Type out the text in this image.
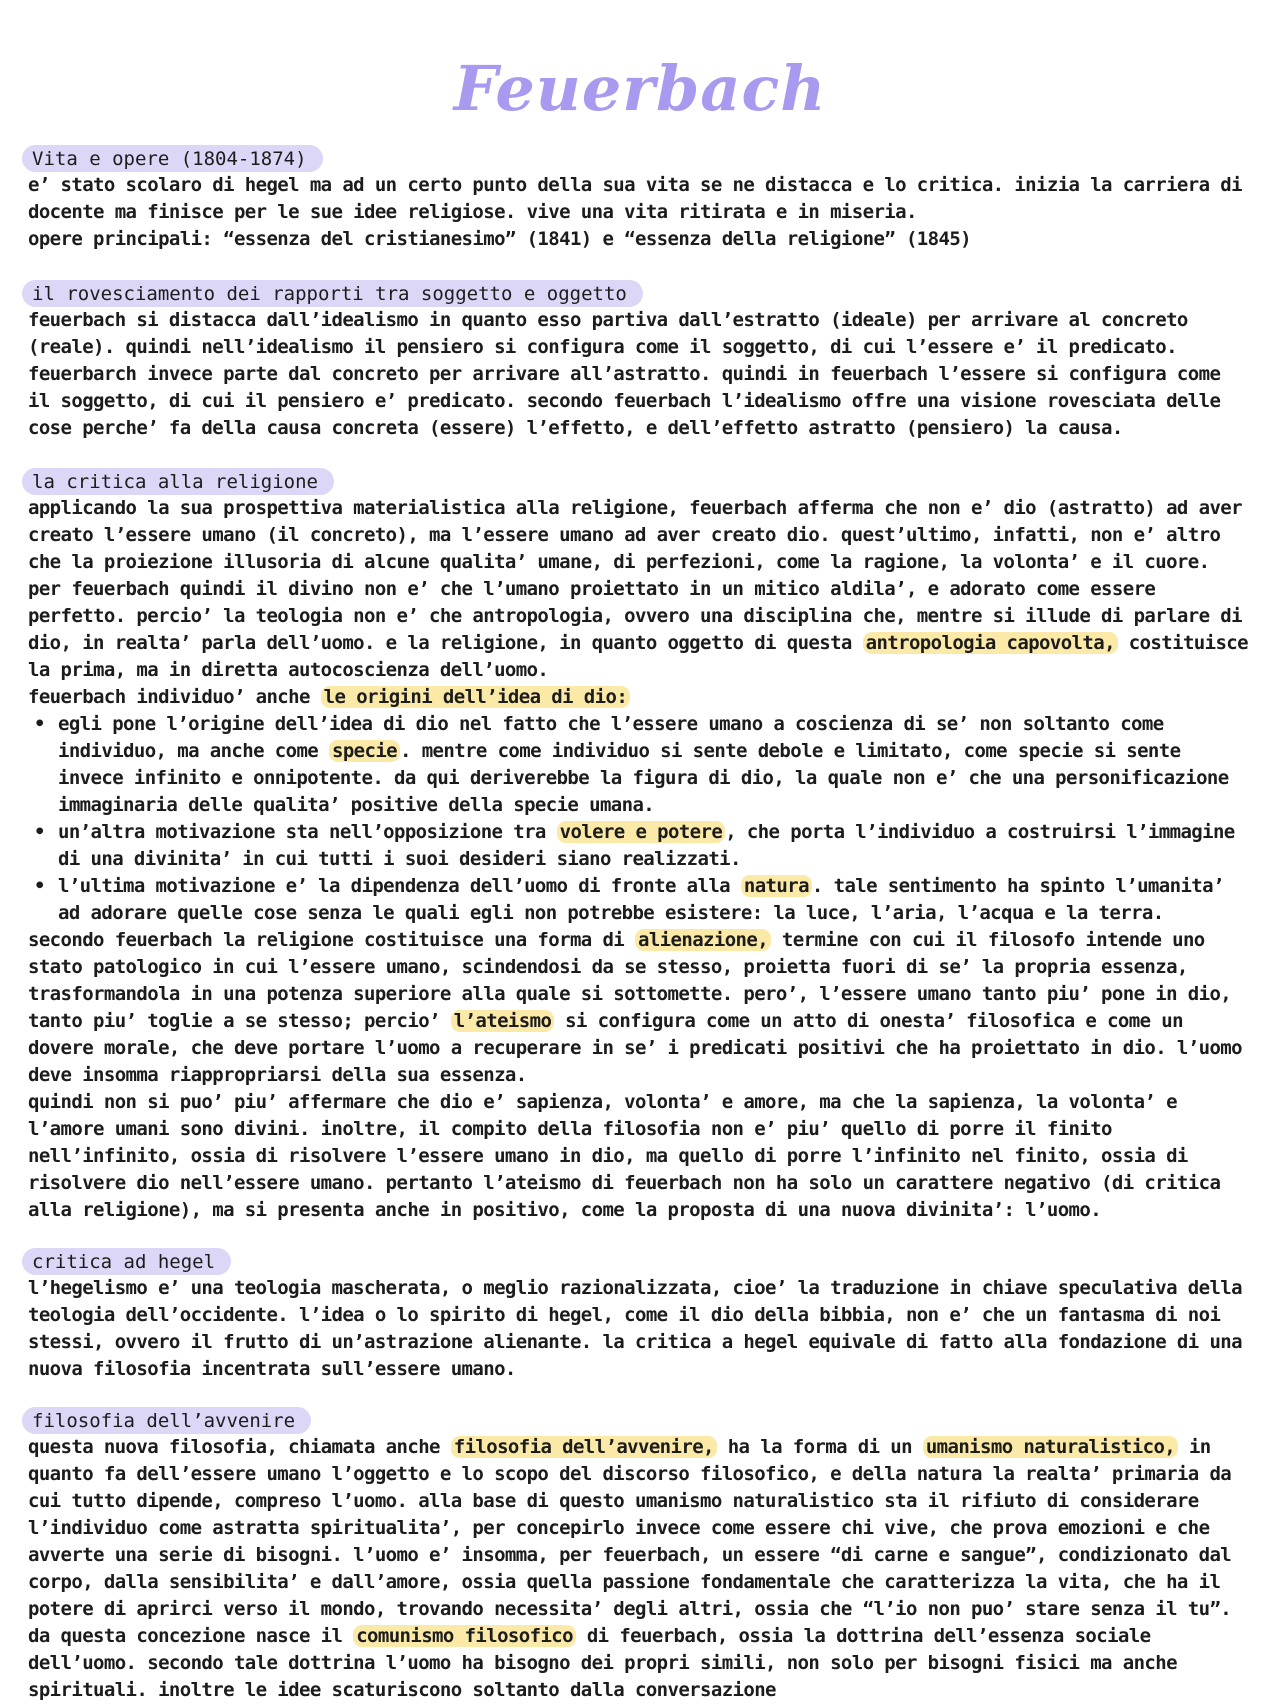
Feuerbach
Vita e opere (1804-1874)

e’ stato scolaro di hegel ma ad un certo punto della sua vita se ne distacca e lo critica. inizia la carriera di docente ma finisce per le sue idee religiose. vive una vita ritirata e in miseria.

opere principali: “essenza del cristianesimo” (1841) e “essenza della religione” (1845)

il rovesciamento dei rapporti tra soggetto e oggetto

feuerbach si distacca dall’idealismo in quanto esso partiva dall’estratto (ideale) per arrivare al concreto (reale). quindi nell’idealismo il pensiero si configura come il soggetto, di cui l’essere e’ il predicato.

feuerbarch invece parte dal concreto per arrivare all’astratto. quindi in feuerbach l’essere si configura come il soggetto, di cui il pensiero e’ predicato. secondo feuerbach l’idealismo offre una visione rovesciata delle cose perche’ fa della causa concreta (essere) l’effetto, e dell’effetto astratto (pensiero) la causa.

la critica alla religione

applicando la sua prospettiva materialistica alla religione, feuerbach afferma che non e’ dio (astratto) ad aver creato l’essere umano (il concreto), ma l’essere umano ad aver creato dio. quest’ultimo, infatti, non e’ altro che la proiezione illusoria di alcune qualita’ umane, di perfezioni, come la ragione, la volonta’ e il cuore. per feuerbach quindi il divino non e’ che l’umano proiettato in un mitico aldila’, e adorato come essere perfetto. percio’ la teologia non e’ che antropologia, ovvero una disciplina che, mentre si illude di parlare di dio, in realta’ parla dell’uomo. e la religione, in quanto oggetto di questa antropologia capovolta, costituisce la prima, ma in diretta autocoscienza dell’uomo.

feuerbach individuo’ anche le origini dell’idea di dio:

• egli pone l’origine dell’idea di dio nel fatto che l’essere umano a coscienza di se’ non soltanto come individuo, ma anche come specie . mentre come individuo si sente debole e limitato, come specie si sente invece infinito e onnipotente. da qui deriverebbe la figura di dio, la quale non e’ che una personificazione immaginaria delle qualita’ positive della specie umana.
• un’altra motivazione sta nell’opposizione tra volere e potere , che porta l’individuo a costruirsi l’immagine di una divinita’ in cui tutti i suoi desideri siano realizzati.
• l’ultima motivazione e’ la dipendenza dell’uomo di fronte alla natura . tale sentimento ha spinto l’umanita’ ad adorare quelle cose senza le quali egli non potrebbe esistere: la luce, l’aria, l’acqua e la terra.

secondo feuerbach la religione costituisce una forma di alienazione, termine con cui il filosofo intende uno stato patologico in cui l’essere umano, scindendosi da se stesso, proietta fuori di se’ la propria essenza, trasformandola in una potenza superiore alla quale si sottomette. pero’, l’essere umano tanto piu’ pone in dio, tanto piu’ toglie a se stesso; percio’ l’ateismo si configura come un atto di onesta’ filosofica e come un dovere morale, che deve portare l’uomo a recuperare in se’ i predicati positivi che ha proiettato in dio. l’uomo deve insomma riappropriarsi della sua essenza.

quindi non si puo’ piu’ affermare che dio e’ sapienza, volonta’ e amore, ma che la sapienza, la volonta’ e l’amore umani sono divini. inoltre, il compito della filosofia non e’ piu’ quello di porre il finito nell’infinito, ossia di risolvere l’essere umano in dio, ma quello di porre l’infinito nel finito, ossia di risolvere dio nell’essere umano. pertanto l’ateismo di feuerbach non ha solo un carattere negativo (di critica alla religione), ma si presenta anche in positivo, come la proposta di una nuova divinita’: l’uomo.

critica ad hegel

l’hegelismo e’ una teologia mascherata, o meglio razionalizzata, cioe’ la traduzione in chiave speculativa della teologia dell’occidente. l’idea o lo spirito di hegel, come il dio della bibbia, non e’ che un fantasma di noi stessi, ovvero il frutto di un’astrazione alienante. la critica a hegel equivale di fatto alla fondazione di una nuova filosofia incentrata sull’essere umano.

filosofia dell’avvenire

questa nuova filosofia, chiamata anche filosofia dell’avvenire, ha la forma di un umanismo naturalistico, in quanto fa dell’essere umano l’oggetto e lo scopo del discorso filosofico, e della natura la realta’ primaria da cui tutto dipende, compreso l’uomo. alla base di questo umanismo naturalistico sta il rifiuto di considerare l’individuo come astratta spiritualita’, per concepirlo invece come essere chi vive, che prova emozioni e che avverte una serie di bisogni. l’uomo e’ insomma, per feuerbach, un essere “di carne e sangue”, condizionato dal corpo, dalla sensibilita’ e dall’amore, ossia quella passione fondamentale che caratterizza la vita, che ha il potere di aprirci verso il mondo, trovando necessita’ degli altri, ossia che “l’io non puo’ stare senza il tu”. da questa concezione nasce il comunismo filosofico di feuerbach, ossia la dottrina dell’essenza sociale dell’uomo. secondo tale dottrina l’uomo ha bisogno dei propri simili, non solo per bisogni fisici ma anche spirituali. inoltre le idee scaturiscono soltanto dalla conversazione
